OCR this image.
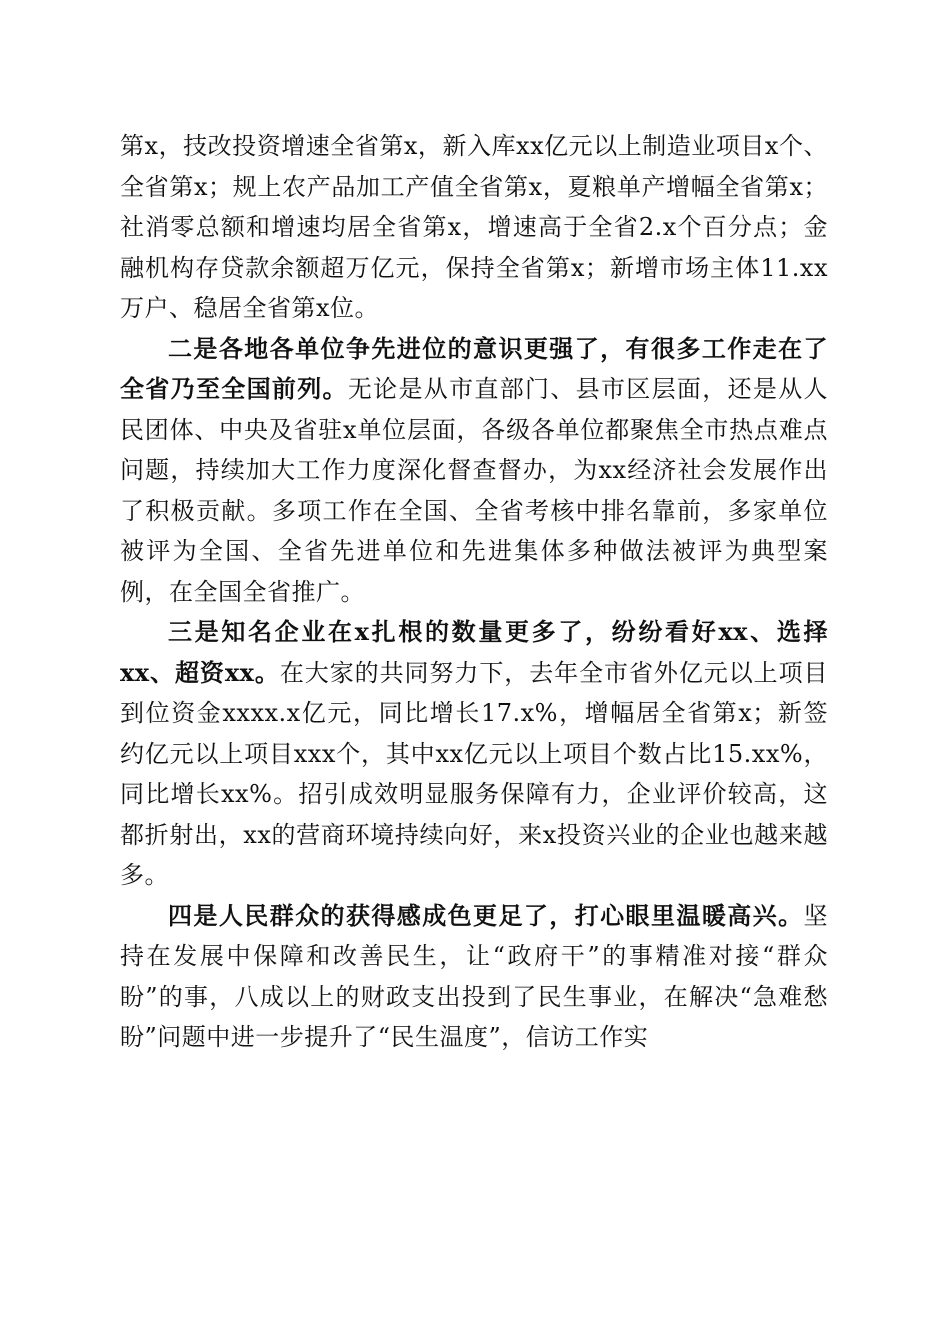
第x，技改投资增速全省第x，新入库xx亿元以上制造业项目x个、全省第x；规上农产品加工产值全省第x，夏粮单产增幅全省第x；社消零总额和增速均居全省第x，增速高于全省2.x个百分点；金融机构存贷款余额超万亿元，保持全省第x；新增市场主体11.xx万户、稳居全省第x位。

二是各地各单位争先进位的意识更强了，有很多工作走在了全省乃至全国前列。无论是从市直部门、县市区层面，还是从人民团体、中央及省驻x单位层面，各级各单位都聚焦全市热点难点问题，持续加大工作力度深化督查督办，为xx经济社会发展作出了积极贡献。多项工作在全国、全省考核中排名靠前，多家单位被评为全国、全省先进单位和先进集体多种做法被评为典型案例，在全国全省推广。

三是知名企业在x扎根的数量更多了，纷纷看好xx、选择xx、超资xx。在大家的共同努力下，去年全市省外亿元以上项目到位资金xxxx.x亿元，同比增长17.x%，增幅居全省第x；新签约亿元以上项目xxx个，其中xx亿元以上项目个数占比15.xx%，同比增长xx%。招引成效明显服务保障有力，企业评价较高，这都折射出，xx的营商环境持续向好，来x投资兴业的企业也越来越多。

四是人民群众的获得感成色更足了，打心眼里温暖高兴。坚持在发展中保障和改善民生，让“政府干”的事精准对接“群众盼”的事，八成以上的财政支出投到了民生事业，在解决“急难愁盼”问题中进一步提升了“民生温度”，信访工作实
